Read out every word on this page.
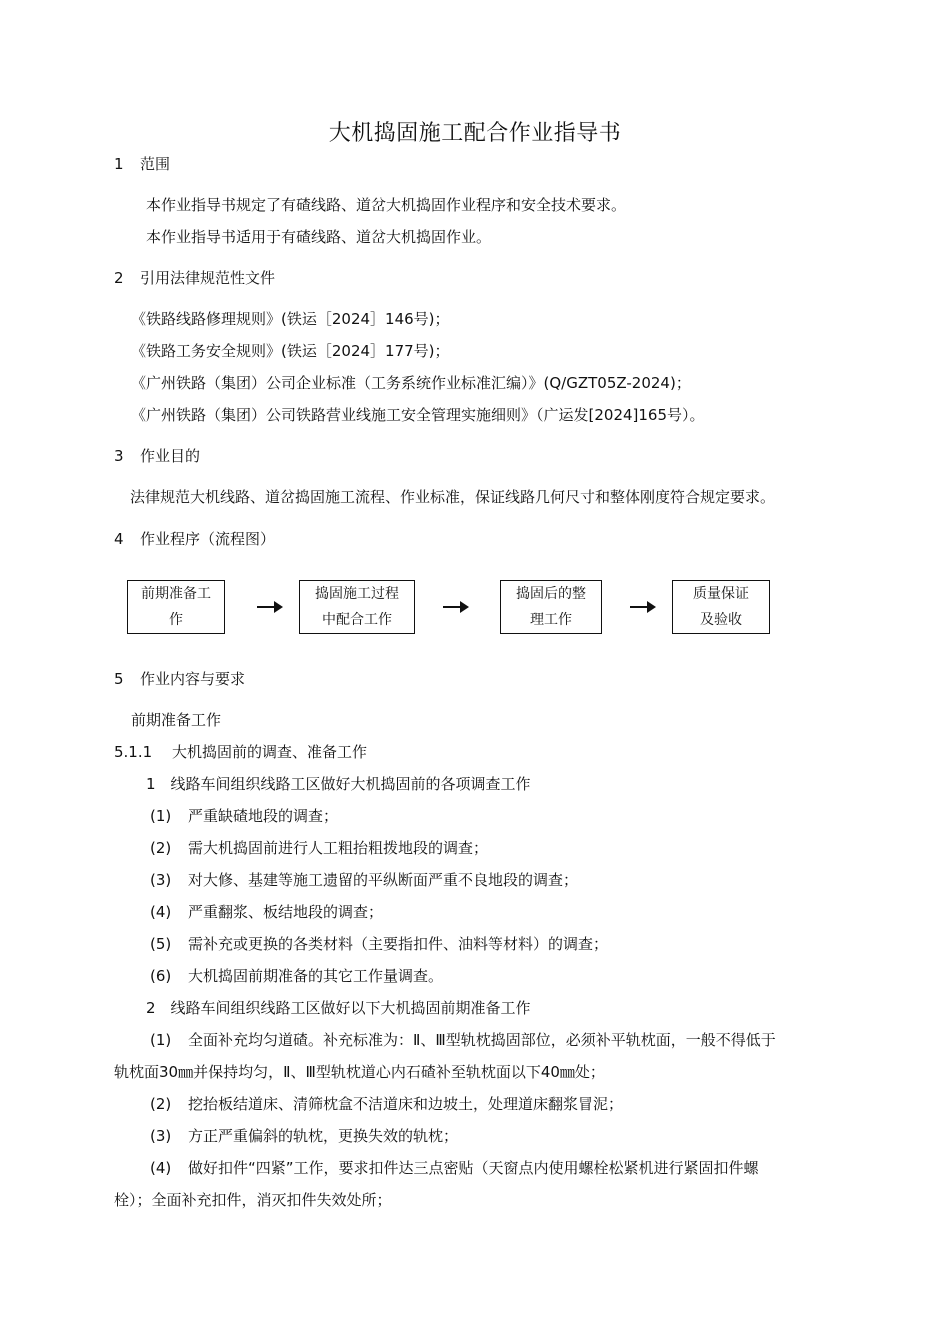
大机捣固施工配合作业指导书
1 范围
本作业指导书规定了有碴线路、道岔大机捣固作业程序和安全技术要求。
本作业指导书适用于有碴线路、道岔大机捣固作业。
2 引用法律规范性文件
《铁路线路修理规则》(铁运［2024］146号)；
《铁路工务安全规则》(铁运［2024］177号)；
《广州铁路（集团）公司企业标准（工务系统作业标准汇编）》(Q/GZT05Z-2024)；
《广州铁路（集团）公司铁路营业线施工安全管理实施细则》（广运发[2024]165号）。
3 作业目的
法律规范大机线路、道岔捣固施工流程、作业标准，保证线路几何尺寸和整体刚度符合规定要求。
4 作业程序（流程图）
前期准备工
作
捣固施工过程
中配合工作
捣固后的整
理工作
质量保证
及验收
5 作业内容与要求
前期准备工作
5.1.1 大机捣固前的调查、准备工作
1　线路车间组织线路工区做好大机捣固前的各项调查工作
(1) 严重缺碴地段的调查；
(2) 需大机捣固前进行人工粗抬粗拨地段的调查；
(3) 对大修、基建等施工遗留的平纵断面严重不良地段的调查；
(4) 严重翻浆、板结地段的调查；
(5) 需补充或更换的各类材料（主要指扣件、油料等材料）的调查；
(6) 大机捣固前期准备的其它工作量调查。
2　线路车间组织线路工区做好以下大机捣固前期准备工作
(1) 全面补充均匀道碴。补充标准为：Ⅱ、Ⅲ型轨枕捣固部位，必须补平轨枕面，一般不得低于
轨枕面30㎜并保持均匀，Ⅱ、Ⅲ型轨枕道心内石碴补至轨枕面以下40㎜处；
(2) 挖抬板结道床、清筛枕盒不洁道床和边坡土，处理道床翻浆冒泥；
(3) 方正严重偏斜的轨枕，更换失效的轨枕；
(4) 做好扣件“四紧”工作，要求扣件达三点密贴（天窗点内使用螺栓松紧机进行紧固扣件螺
栓）；全面补充扣件，消灭扣件失效处所；
